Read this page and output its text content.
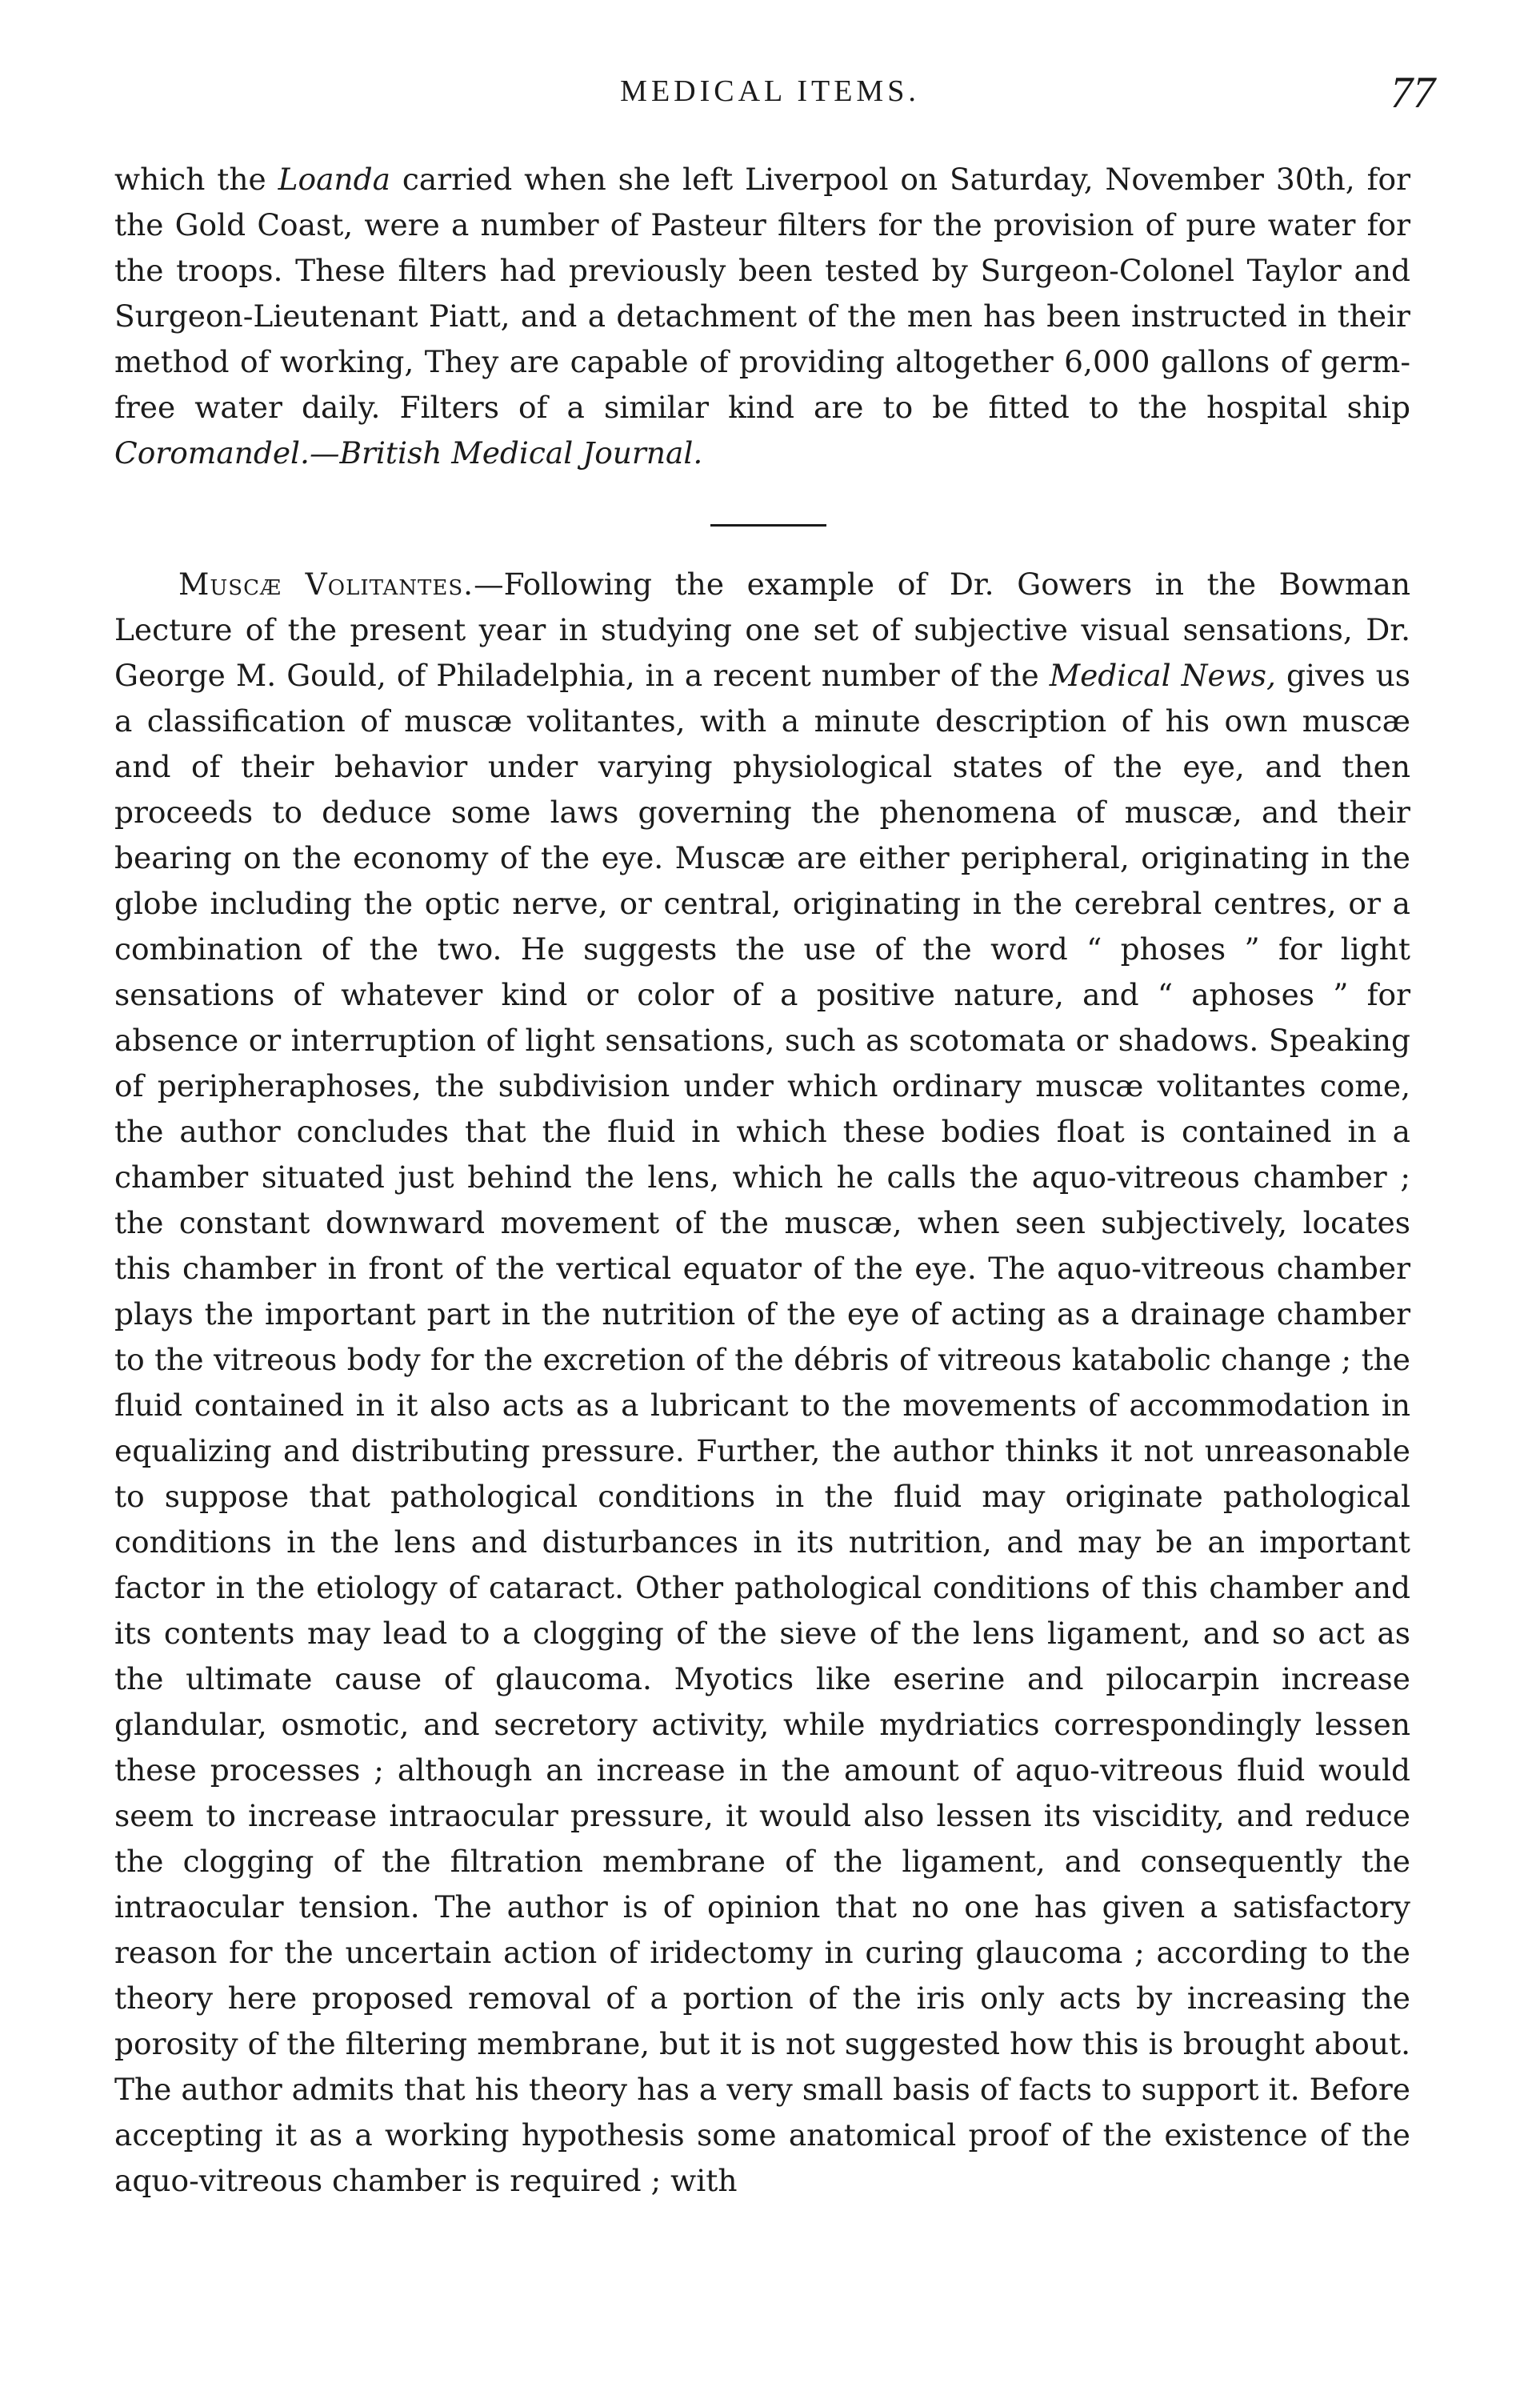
MEDICAL ITEMS.	77
which the Loanda carried when she left Liverpool on Saturday, November 30th, for the Gold Coast, were a number of Pasteur filters for the provision of pure water for the troops. These filters had previously been tested by Surgeon-Colonel Taylor and Surgeon-Lieutenant Piatt, and a detachment of the men has been instructed in their method of working, They are capable of providing altogether 6,000 gallons of germ-free water daily. Filters of a similar kind are to be fitted to the hospital ship Coromandel.—British Medical Journal.
Muscæ Volitantes.—Following the example of Dr. Gowers in the Bowman Lecture of the present year in studying one set of subjective visual sensations, Dr. George M. Gould, of Philadelphia, in a recent number of the Medical News, gives us a classification of muscæ volitantes, with a minute description of his own muscæ and of their behavior under varying physiological states of the eye, and then proceeds to deduce some laws governing the phenomena of muscæ, and their bearing on the economy of the eye. Muscæ are either peripheral, originating in the globe including the optic nerve, or central, originating in the cerebral centres, or a combination of the two. He suggests the use of the word “ phoses ” for light sensations of whatever kind or color of a positive nature, and “ aphoses ” for absence or interruption of light sensations, such as scotomata or shadows. Speaking of peripheraphoses, the subdivision under which ordinary muscæ volitantes come, the author concludes that the fluid in which these bodies float is contained in a chamber situated just behind the lens, which he calls the aquo-vitreous chamber ; the constant downward movement of the muscæ, when seen subjectively, locates this chamber in front of the vertical equator of the eye. The aquo-vitreous chamber plays the important part in the nutrition of the eye of acting as a drainage chamber to the vitreous body for the excretion of the débris of vitreous katabolic change ; the fluid contained in it also acts as a lubricant to the movements of accommodation in equalizing and distributing pressure. Further, the author thinks it not unreasonable to suppose that pathological conditions in the fluid may originate pathological conditions in the lens and disturbances in its nutrition, and may be an important factor in the etiology of cataract. Other pathological conditions of this chamber and its contents may lead to a clogging of the sieve of the lens ligament, and so act as the ultimate cause of glaucoma. Myotics like eserine and pilocarpin increase glandular, osmotic, and secretory activity, while mydriatics correspondingly lessen these processes ; although an increase in the amount of aquo-vitreous fluid would seem to increase intraocular pressure, it would also lessen its viscidity, and reduce the clogging of the filtration membrane of the ligament, and consequently the intraocular tension. The author is of opinion that no one has given a satisfactory reason for the uncertain action of iridectomy in curing glaucoma ; according to the theory here proposed removal of a portion of the iris only acts by increasing the porosity of the filtering membrane, but it is not suggested how this is brought about. The author admits that his theory has a very small basis of facts to support it. Before accepting it as a working hypothesis some anatomical proof of the existence of the aquo-vitreous chamber is required ; with
